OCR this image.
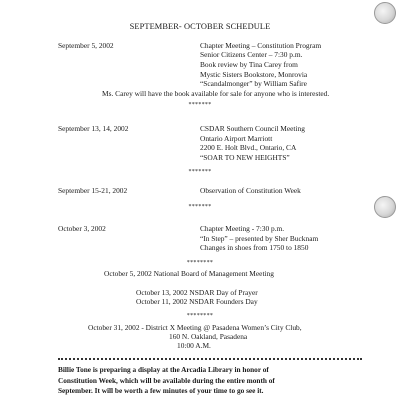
SEPTEMBER- OCTOBER SCHEDULE
September 5, 2002	Chapter Meeting – Constitution Program
Senior Citizens Center – 7:30 p.m.
Book review by Tina Carey from
Mystic Sisters Bookstore, Monrovia
“Scandalmonger” by William Safire
Ms. Carey will have the book available for sale for anyone who is interested.
*******
September 13, 14, 2002	CSDAR Southern Council Meeting
Ontario Airport Marriott
2200 E. Holt Blvd., Ontario, CA
“SOAR TO NEW HEIGHTS”
*******
September 15-21, 2002	Observation of Constitution Week
*******
October 3, 2002	Chapter Meeting - 7:30 p.m.
“In Step” – presented by Sher Bucknam
Changes in shoes from 1750 to 1850
********
October 5, 2002 National Board of Management Meeting
October 13, 2002 NSDAR Day of Prayer
October 11, 2002 NSDAR Founders Day
********
October 31, 2002 - District X Meeting @ Pasadena Women’s City Club,
160 N. Oakland, Pasadena
10:00 A.M.
Billie Tone is preparing a display at the Arcadia Library in honor of
Constitution Week, which will be available during the entire month of
September. It will be worth a few minutes of your time to go see it.
